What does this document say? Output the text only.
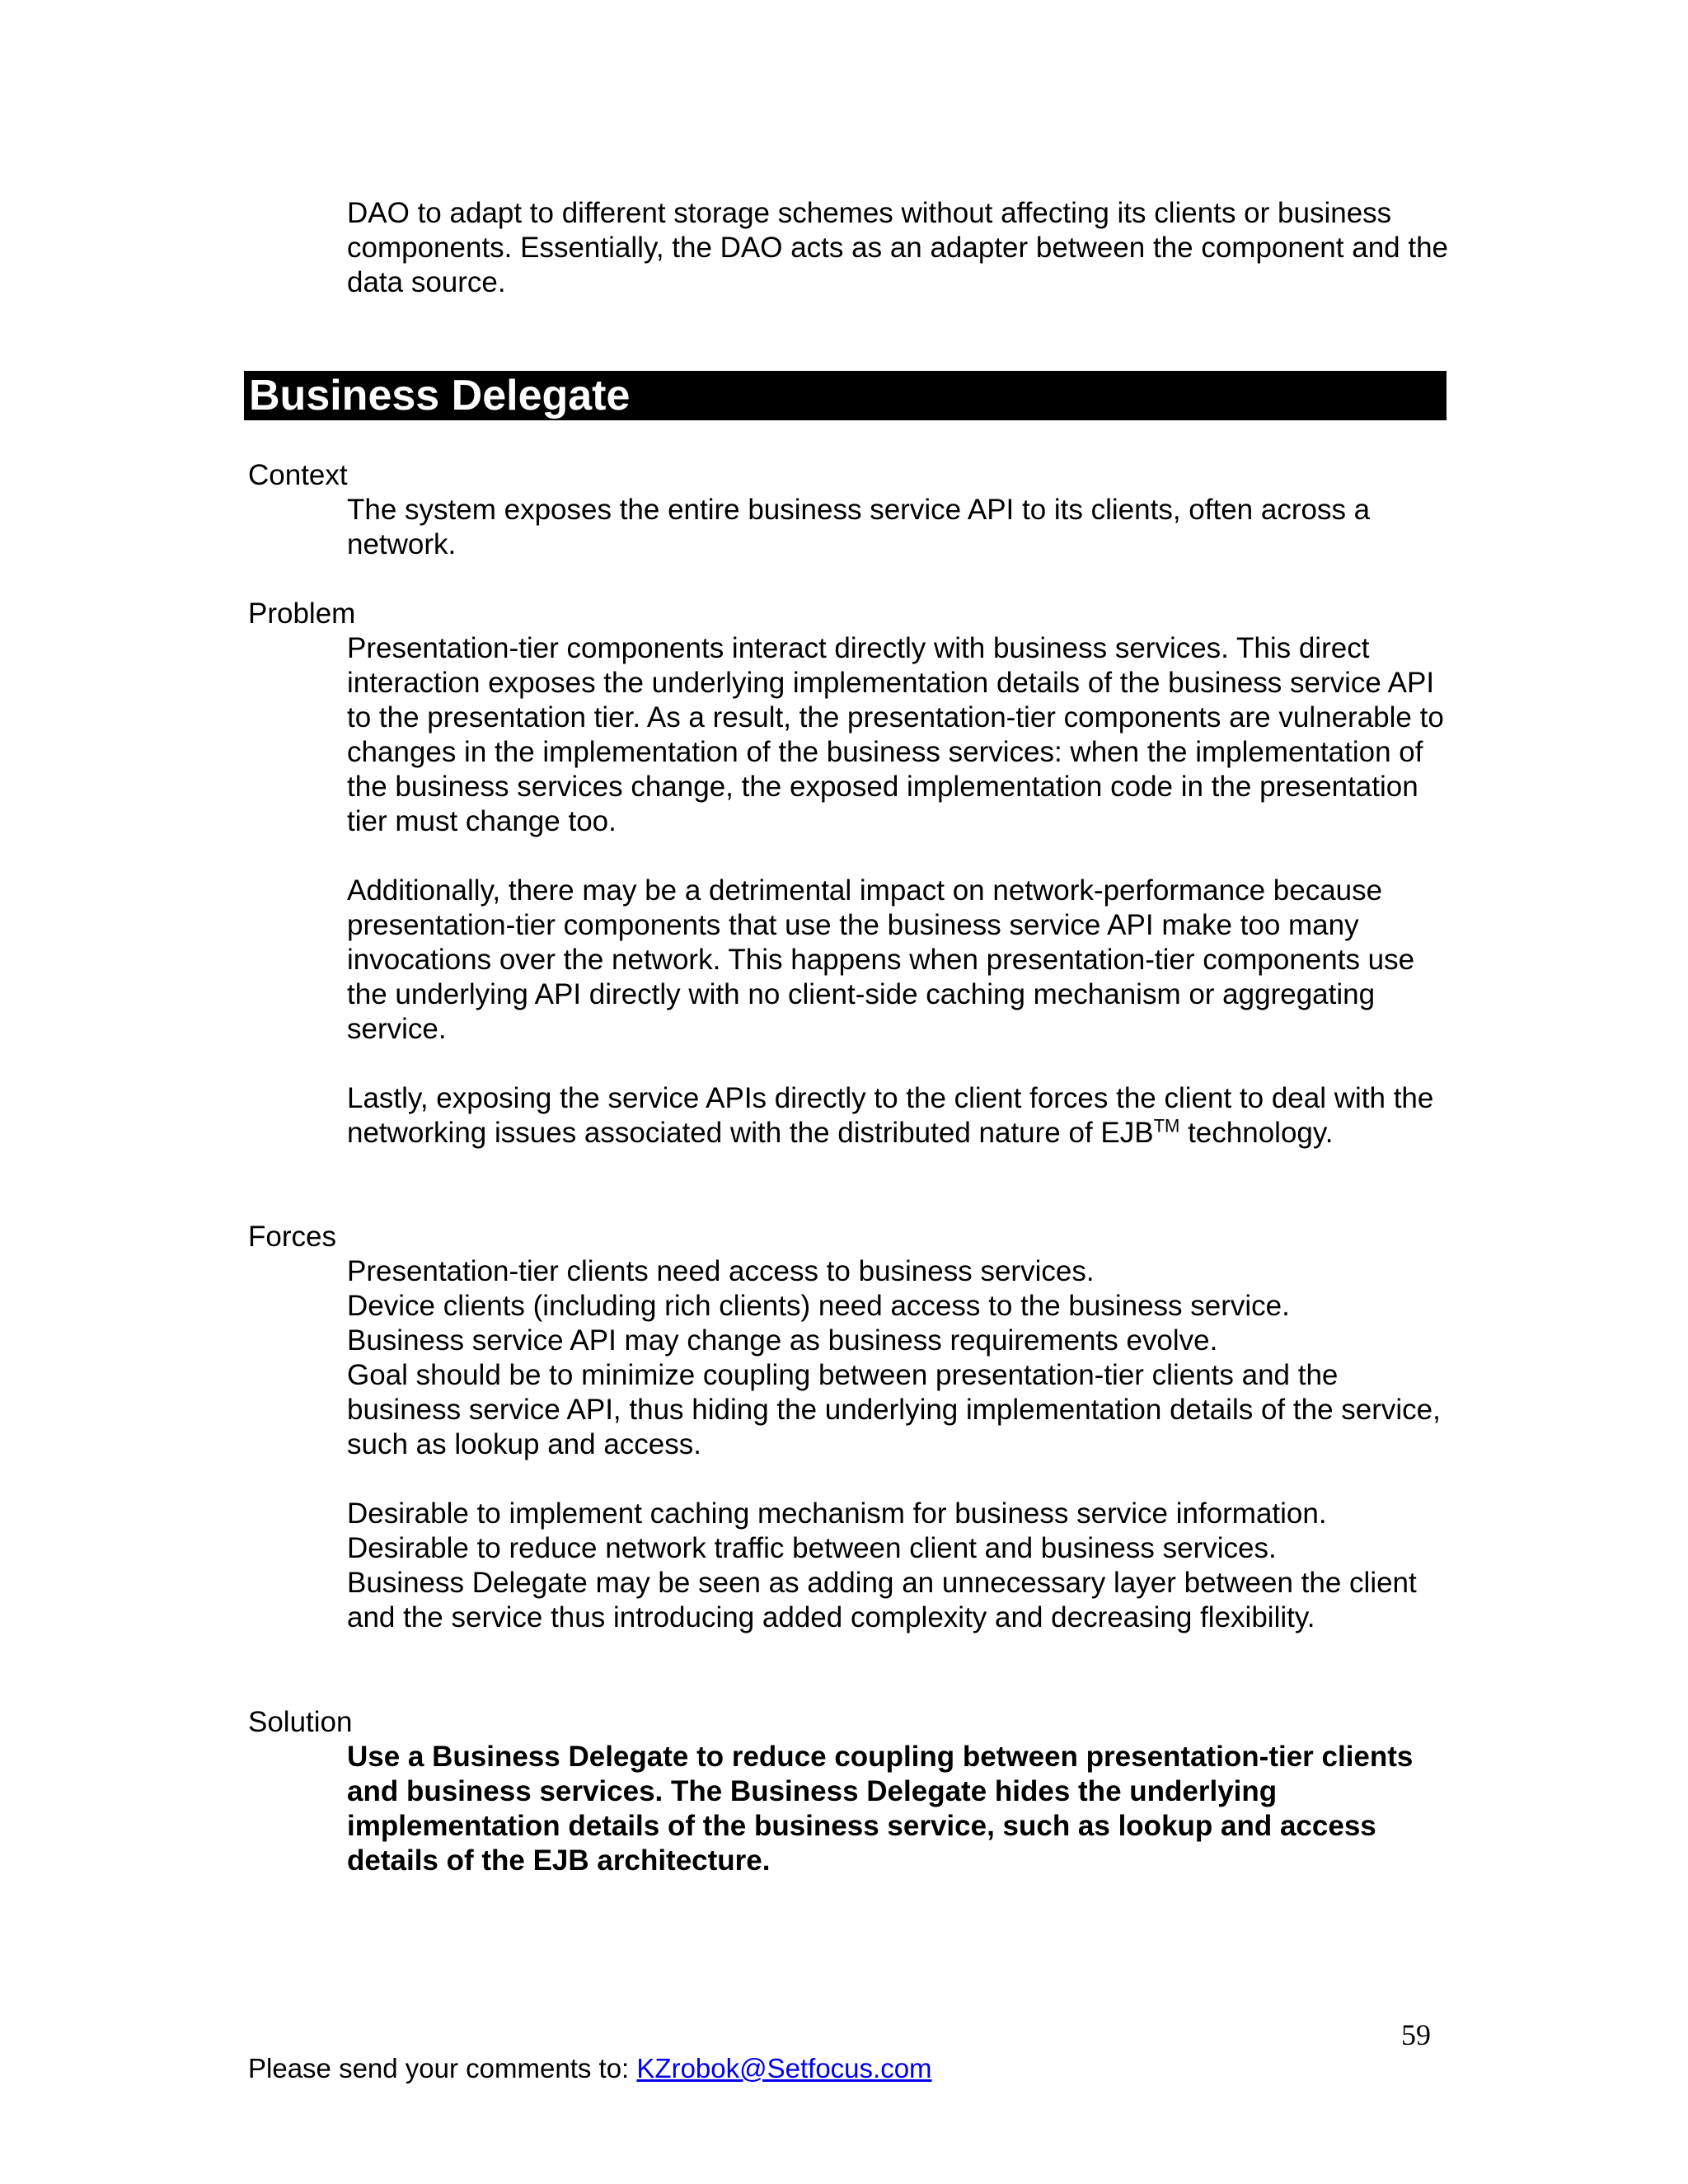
DAO to adapt to different storage schemes without affecting its clients or business components. Essentially, the DAO acts as an adapter between the component and the data source.

Business Delegate
Context

The system exposes the entire business service API to its clients, often across a network.

Problem

Presentation-tier components interact directly with business services. This direct interaction exposes the underlying implementation details of the business service API to the presentation tier. As a result, the presentation-tier components are vulnerable to changes in the implementation of the business services: when the implementation of the business services change, the exposed implementation code in the presentation tier must change too.

Additionally, there may be a detrimental impact on network-performance because presentation-tier components that use the business service API make too many invocations over the network. This happens when presentation-tier components use the underlying API directly with no client-side caching mechanism or aggregating service.

Lastly, exposing the service APIs directly to the client forces the client to deal with the networking issues associated with the distributed nature of EJB™ technology.

Forces
Presentation-tier clients need access to business services.
Device clients (including rich clients) need access to the business service.
Business service API may change as business requirements evolve.
Goal should be to minimize coupling between presentation-tier clients and the business service API, thus hiding the underlying implementation details of the service, such as lookup and access.
Desirable to implement caching mechanism for business service information.
Desirable to reduce network traffic between client and business services.
Business Delegate may be seen as adding an unnecessary layer between the client and the service thus introducing added complexity and decreasing flexibility.
Solution

Use a Business Delegate to reduce coupling between presentation-tier clients and business services. The Business Delegate hides the underlying implementation details of the business service, such as lookup and access details of the EJB architecture.

59
Please send your comments to: KZrobok@Setfocus.com
